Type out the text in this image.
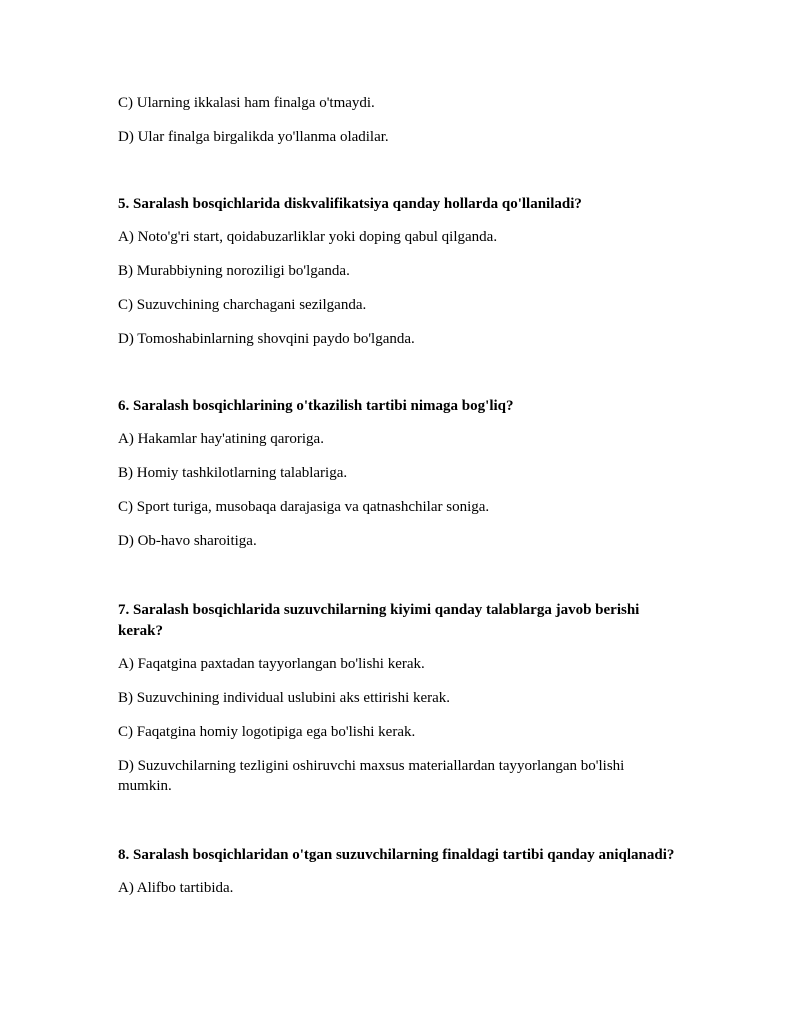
C) Ularning ikkalasi ham finalga o'tmaydi.

D) Ular finalga birgalikda yo'llanma oladilar.

5. Saralash bosqichlarida diskvalifikatsiya qanday hollarda qo'llaniladi?

A) Noto'g'ri start, qoidabuzarliklar yoki doping qabul qilganda.

B) Murabbiyning noroziligi bo'lganda.

C) Suzuvchining charchagani sezilganda.

D) Tomoshabinlarning shovqini paydo bo'lganda.

6. Saralash bosqichlarining o'tkazilish tartibi nimaga bog'liq?

A) Hakamlar hay'atining qaroriga.

B) Homiy tashkilotlarning talablariga.

C) Sport turiga, musobaqa darajasiga va qatnashchilar soniga.

D) Ob-havo sharoitiga.

7. Saralash bosqichlarida suzuvchilarning kiyimi qanday talablarga javob berishi kerak?

A) Faqatgina paxtadan tayyorlangan bo'lishi kerak.

B) Suzuvchining individual uslubini aks ettirishi kerak.

C) Faqatgina homiy logotipiga ega bo'lishi kerak.

D) Suzuvchilarning tezligini oshiruvchi maxsus materiallardan tayyorlangan bo'lishi mumkin.

8. Saralash bosqichlaridan o'tgan suzuvchilarning finaldagi tartibi qanday aniqlanadi?

A) Alifbo tartibida.
